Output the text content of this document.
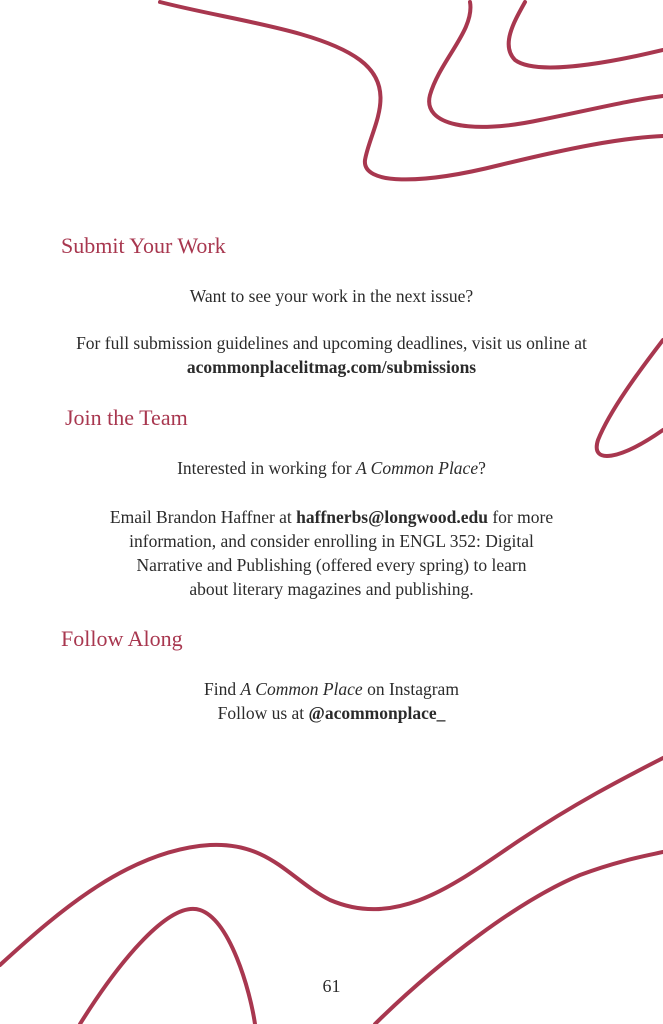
Submit Your Work

Want to see your work in the next issue?

For full submission guidelines and upcoming deadlines, visit us online at

acommonplacelitmag.com/submissions

Join the Team

Interested in working for A Common Place?

Email Brandon Haffner at haffnerbs@longwood.edu for more

information, and consider enrolling in ENGL 352: Digital

Narrative and Publishing (offered every spring) to learn

about literary magazines and publishing.

Follow Along

Find A Common Place on Instagram

Follow us at @acommonplace_

61
